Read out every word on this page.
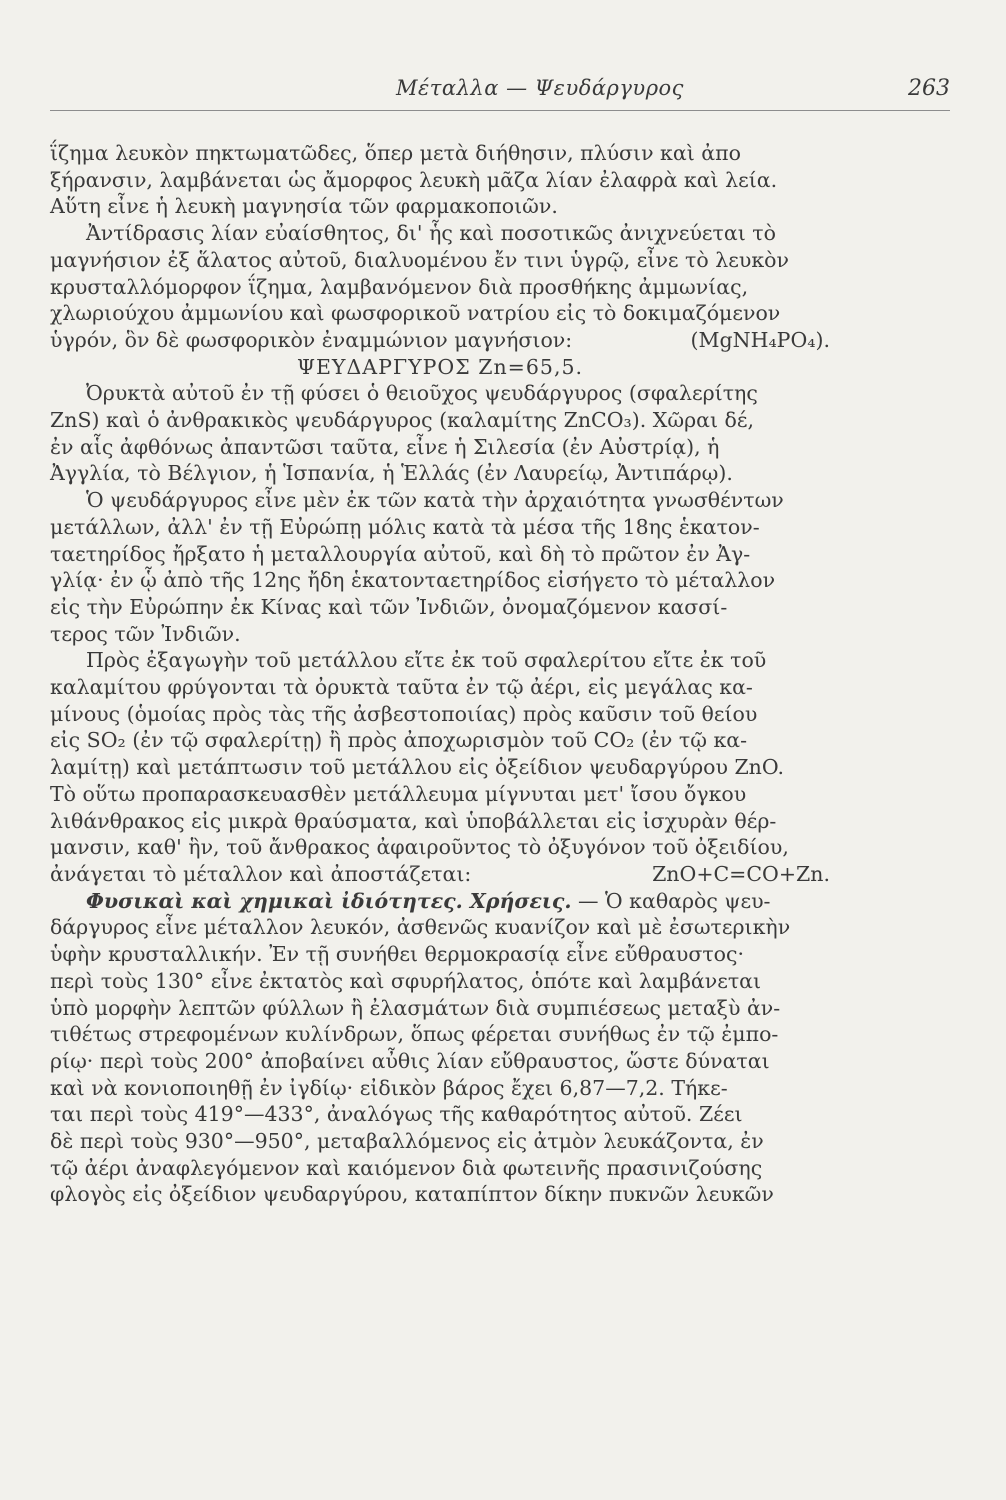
Μέταλλα — Ψευδάργυρος	263
ΐζημα λευκὸν πηκτωματῶδες, ὅπερ μετὰ διήθησιν, πλύσιν καὶ ἀπο
ξήρανσιν, λαμβάνεται ὡς ἄμορφος λευκὴ μᾶζα λίαν ἐλαφρὰ καὶ λεία.
Αὕτη εἶνε ἡ λευκὴ μαγνησία τῶν φαρμακοποιῶν.
Ἀντίδρασις λίαν εὐαίσθητος, δι' ἧς καὶ ποσοτικῶς ἀνιχνεύεται τὸ
μαγνήσιον ἐξ ἅλατος αὐτοῦ, διαλυομένου ἔν τινι ὑγρῷ, εἶνε τὸ λευκὸν
κρυσταλλόμορφον ΐζημα, λαμβανόμενον διὰ προσθήκης ἀμμωνίας,
χλωριούχου ἀμμωνίου καὶ φωσφορικοῦ νατρίου εἰς τὸ δοκιμαζόμενον
ὑγρόν, ὃν δὲ φωσφορικὸν ἐναμμώνιον μαγνήσιον:	(MgNH₄PO₄).
ΨΕΥΔΑΡΓΥΡΟΣ Zn=65,5.
Ὀρυκτὰ αὐτοῦ ἐν τῇ φύσει ὁ θειοῦχος ψευδάργυρος (σφαλερίτης
ZnS) καὶ ὁ ἀνθρακικὸς ψευδάργυρος (καλαμίτης ZnCO₃). Χῶραι δέ,
ἐν αἷς ἀφθόνως ἀπαντῶσι ταῦτα, εἶνε ἡ Σιλεσία (ἐν Αὐστρίᾳ), ἡ
Ἀγγλία, τὸ Βέλγιον, ἡ Ἱσπανία, ἡ Ἑλλάς (ἐν Λαυρείῳ, Ἀντιπάρῳ).
Ὁ ψευδάργυρος εἶνε μὲν ἐκ τῶν κατὰ τὴν ἀρχαιότητα γνωσθέντων
μετάλλων, ἀλλ' ἐν τῇ Εὐρώπῃ μόλις κατὰ τὰ μέσα τῆς 18ης ἑκατον-
ταετηρίδος ἤρξατο ἡ μεταλλουργία αὐτοῦ, καὶ δὴ τὸ πρῶτον ἐν Ἀγ-
γλίᾳ· ἐν ᾧ ἀπὸ τῆς 12ης ἤδη ἑκατονταετηρίδος εἰσήγετο τὸ μέταλλον
εἰς τὴν Εὐρώπην ἐκ Κίνας καὶ τῶν Ἰνδιῶν, ὀνομαζόμενον κασσί-
τερος τῶν Ἰνδιῶν.
Πρὸς ἐξαγωγὴν τοῦ μετάλλου εἴτε ἐκ τοῦ σφαλερίτου εἴτε ἐκ τοῦ
καλαμίτου φρύγονται τὰ ὀρυκτὰ ταῦτα ἐν τῷ ἀέρι, εἰς μεγάλας κα-
μίνους (ὁμοίας πρὸς τὰς τῆς ἀσβεστοποιίας) πρὸς καῦσιν τοῦ θείου
εἰς SO₂ (ἐν τῷ σφαλερίτῃ) ἢ πρὸς ἀποχωρισμὸν τοῦ CO₂ (ἐν τῷ κα-
λαμίτῃ) καὶ μετάπτωσιν τοῦ μετάλλου εἰς ὀξείδιον ψευδαργύρου ZnO.
Τὸ οὕτω προπαρασκευασθὲν μετάλλευμα μίγνυται μετ' ἴσου ὄγκου
λιθάνθρακος εἰς μικρὰ θραύσματα, καὶ ὑποβάλλεται εἰς ἰσχυρὰν θέρ-
μανσιν, καθ' ἣν, τοῦ ἄνθρακος ἀφαιροῦντος τὸ ὀξυγόνον τοῦ ὀξειδίου,
ἀνάγεται τὸ μέταλλον καὶ ἀποστάζεται:	ZnO+C=CO+Zn.
Φυσικαὶ καὶ χημικαὶ ἰδιότητες. Χρήσεις. — Ὁ καθαρὸς ψευ-
δάργυρος εἶνε μέταλλον λευκόν, ἀσθενῶς κυανίζον καὶ μὲ ἐσωτερικὴν
ὑφὴν κρυσταλλικήν. Ἐν τῇ συνήθει θερμοκρασίᾳ εἶνε εὔθραυστος·
περὶ τοὺς 130° εἶνε ἐκτατὸς καὶ σφυρήλατος, ὁπότε καὶ λαμβάνεται
ὑπὸ μορφὴν λεπτῶν φύλλων ἢ ἐλασμάτων διὰ συμπιέσεως μεταξὺ ἀν-
τιθέτως στρεφομένων κυλίνδρων, ὅπως φέρεται συνήθως ἐν τῷ ἐμπο-
ρίῳ· περὶ τοὺς 200° ἀποβαίνει αὖθις λίαν εὔθραυστος, ὥστε δύναται
καὶ νὰ κονιοποιηθῇ ἐν ἰγδίῳ· εἰδικὸν βάρος ἔχει 6,87—7,2. Τήκε-
ται περὶ τοὺς 419°—433°, ἀναλόγως τῆς καθαρότητος αὐτοῦ. Ζέει
δὲ περὶ τοὺς 930°—950°, μεταβαλλόμενος εἰς ἀτμὸν λευκάζοντα, ἐν
τῷ ἀέρι ἀναφλεγόμενον καὶ καιόμενον διὰ φωτεινῆς πρασινιζούσης
φλογὸς εἰς ὀξείδιον ψευδαργύρου, καταπίπτον δίκην πυκνῶν λευκῶν
